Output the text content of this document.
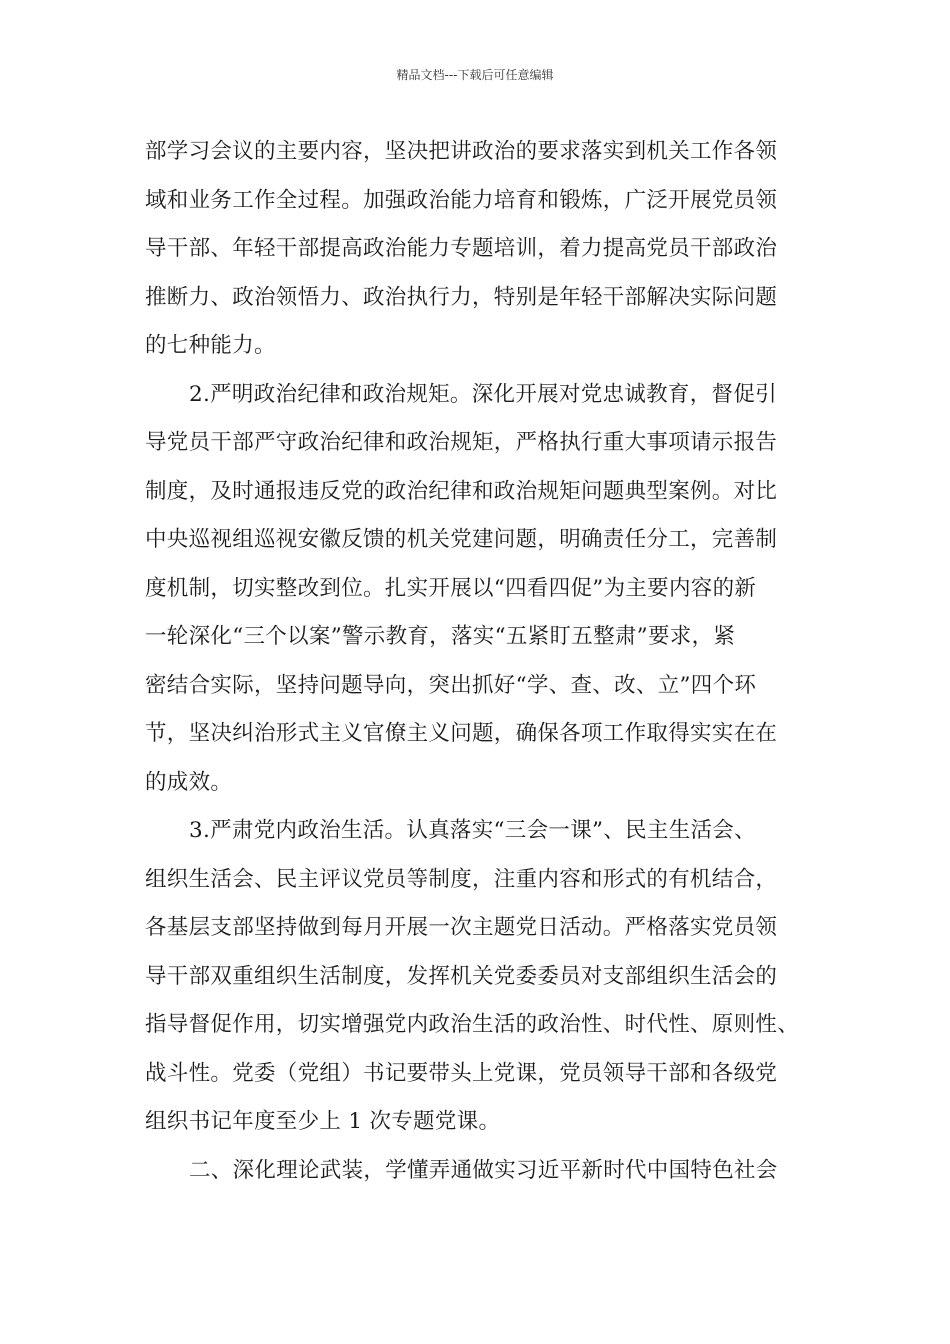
精品文档---下载后可任意编辑

部学习会议的主要内容，坚决把讲政治的要求落实到机关工作各领
域和业务工作全过程。加强政治能力培育和锻炼，广泛开展党员领
导干部、年轻干部提高政治能力专题培训，着力提高党员干部政治
推断力、政治领悟力、政治执行力，特别是年轻干部解决实际问题
的七种能力。

2.严明政治纪律和政治规矩。深化开展对党忠诚教育，督促引
导党员干部严守政治纪律和政治规矩，严格执行重大事项请示报告
制度，及时通报违反党的政治纪律和政治规矩问题典型案例。对比
中央巡视组巡视安徽反馈的机关党建问题，明确责任分工，完善制
度机制，切实整改到位。扎实开展以“四看四促”为主要内容的新
一轮深化“三个以案”警示教育，落实“五紧盯五整肃”要求，紧
密结合实际，坚持问题导向，突出抓好“学、查、改、立”四个环
节，坚决纠治形式主义官僚主义问题，确保各项工作取得实实在在
的成效。

3.严肃党内政治生活。认真落实“三会一课”、民主生活会、
组织生活会、民主评议党员等制度，注重内容和形式的有机结合，
各基层支部坚持做到每月开展一次主题党日活动。严格落实党员领
导干部双重组织生活制度，发挥机关党委委员对支部组织生活会的
指导督促作用，切实增强党内政治生活的政治性、时代性、原则性、
战斗性。党委（党组）书记要带头上党课，党员领导干部和各级党
组织书记年度至少上 1 次专题党课。

二、深化理论武装，学懂弄通做实习近平新时代中国特色社会
